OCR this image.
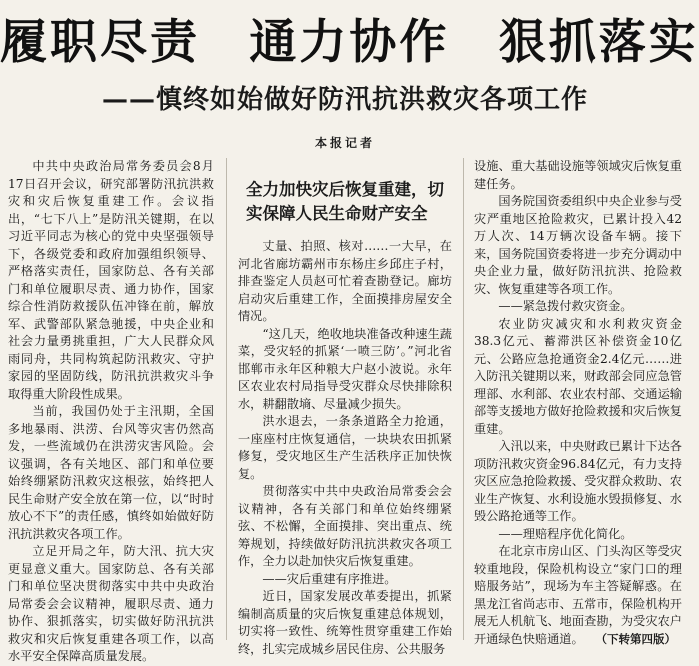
履职尽责 通力协作 狠抓落实
——慎终如始做好防汛抗洪救灾各项工作
本报记者

中共中央政治局常务委员会8月17日召开会议，研究部署防汛抗洪救灾和灾后恢复重建工作。会议指出，“七下八上”是防汛关键期，在以习近平同志为核心的党中央坚强领导下，各级党委和政府加强组织领导、严格落实责任，国家防总、各有关部门和单位履职尽责、通力协作，国家综合性消防救援队伍冲锋在前，解放军、武警部队紧急驰援，中央企业和社会力量勇挑重担，广大人民群众风雨同舟，共同构筑起防汛救灾、守护家园的坚固防线，防汛抗洪救灾斗争取得重大阶段性成果。

当前，我国仍处于主汛期，全国多地暴雨、洪涝、台风等灾害仍然高发，一些流域仍在洪涝灾害风险。会议强调，各有关地区、部门和单位要始终绷紧防汛救灾这根弦，始终把人民生命财产安全放在第一位，以“时时放心不下”的责任感，慎终如始做好防汛抗洪救灾各项工作。

立足开局之年，防大汛、抗大灾更显意义重大。国家防总、各有关部门和单位坚决贯彻落实中共中央政治局常委会会议精神，履职尽责、通力协作、狠抓落实，切实做好防汛抗洪救灾和灾后恢复重建各项工作，以高水平安全保障高质量发展。

全力加快灾后恢复重建，切实保障人民生命财产安全

丈量、拍照、核对……一大早，在河北省廊坊霸州市东杨庄乡邱庄子村，排查鉴定人员赵可忙着查勘登记。廊坊启动灾后重建工作，全面摸排房屋安全情况。

“这几天，绝收地块准备改种速生蔬菜，受灾轻的抓紧‘一喷三防’。”河北省邯郸市永年区种粮大户赵小波说。永年区农业农村局指导受灾群众尽快排除积水，耕翻散墒、尽量减少损失。

洪水退去，一条条道路全力抢通，一座座村庄恢复通信，一块块农田抓紧修复，受灾地区生产生活秩序正加快恢复。

贯彻落实中共中央政治局常委会会议精神，各有关部门和单位始终绷紧弦、不松懈，全面摸排、突出重点、统筹规划，持续做好防汛抗洪救灾各项工作，全力以赴加快灾后恢复重建。

——灾后重建有序推进。

近日，国家发展改革委提出，抓紧编制高质量的灾后恢复重建总体规划，切实将一致性、统筹性贯穿重建工作始终，扎实完成城乡居民住房、公共服务

设施、重大基础设施等领域灾后恢复重建任务。

国务院国资委组织中央企业参与受灾严重地区抢险救灾，已累计投入42万人次、14万辆次设备车辆。接下来，国务院国资委将进一步充分调动中央企业力量，做好防汛抗洪、抢险救灾、恢复重建等各项工作。

——紧急拨付救灾资金。

农业防灾减灾和水利救灾资金38.3亿元、蓄滞洪区补偿资金10亿元、公路应急抢通资金2.4亿元……进入防汛关键期以来，财政部会同应急管理部、水利部、农业农村部、交通运输部等支援地方做好抢险救援和灾后恢复重建。

入汛以来，中央财政已累计下达各项防汛救灾资金96.84亿元，有力支持灾区应急抢险救援、受灾群众救助、农业生产恢复、水利设施水毁损修复、水毁公路抢通等工作。

——理赔程序优化简化。

在北京市房山区、门头沟区等受灾较重地段，保险机构设立“家门口的理赔服务站”，现场为车主答疑解惑。在黑龙江省尚志市、五常市，保险机构开展无人机航飞、地面查勘，为受灾农户开通绿色快赔通道。	（下转第四版）
